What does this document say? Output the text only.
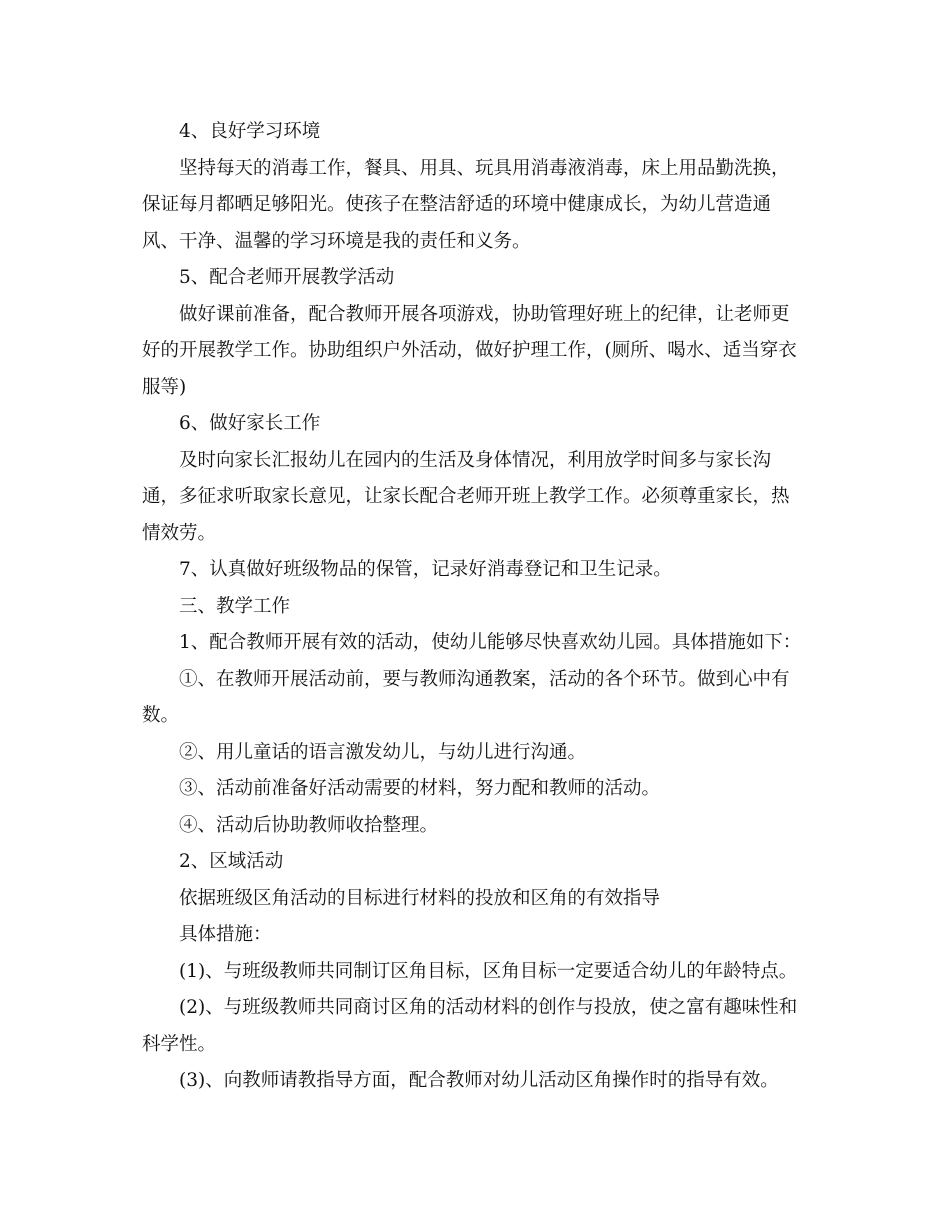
4、良好学习环境

坚持每天的消毒工作，餐具、用具、玩具用消毒液消毒，床上用品勤洗换，保证每月都晒足够阳光。使孩子在整洁舒适的环境中健康成长，为幼儿营造通风、干净、温馨的学习环境是我的责任和义务。

5、配合老师开展教学活动

做好课前准备，配合教师开展各项游戏，协助管理好班上的纪律，让老师更好的开展教学工作。协助组织户外活动，做好护理工作，(厕所、喝水、适当穿衣服等)

6、做好家长工作

及时向家长汇报幼儿在园内的生活及身体情况，利用放学时间多与家长沟通，多征求听取家长意见，让家长配合老师开班上教学工作。必须尊重家长，热情效劳。

7、认真做好班级物品的保管，记录好消毒登记和卫生记录。

三、教学工作

1、配合教师开展有效的活动，使幼儿能够尽快喜欢幼儿园。具体措施如下：

①、在教师开展活动前，要与教师沟通教案，活动的各个环节。做到心中有数。

②、用儿童话的语言激发幼儿，与幼儿进行沟通。

③、活动前准备好活动需要的材料，努力配和教师的活动。

④、活动后协助教师收拾整理。

2、区域活动

依据班级区角活动的目标进行材料的投放和区角的有效指导

具体措施：

(1)、与班级教师共同制订区角目标，区角目标一定要适合幼儿的年龄特点。

(2)、与班级教师共同商讨区角的活动材料的创作与投放，使之富有趣味性和科学性。

(3)、向教师请教指导方面，配合教师对幼儿活动区角操作时的指导有效。
